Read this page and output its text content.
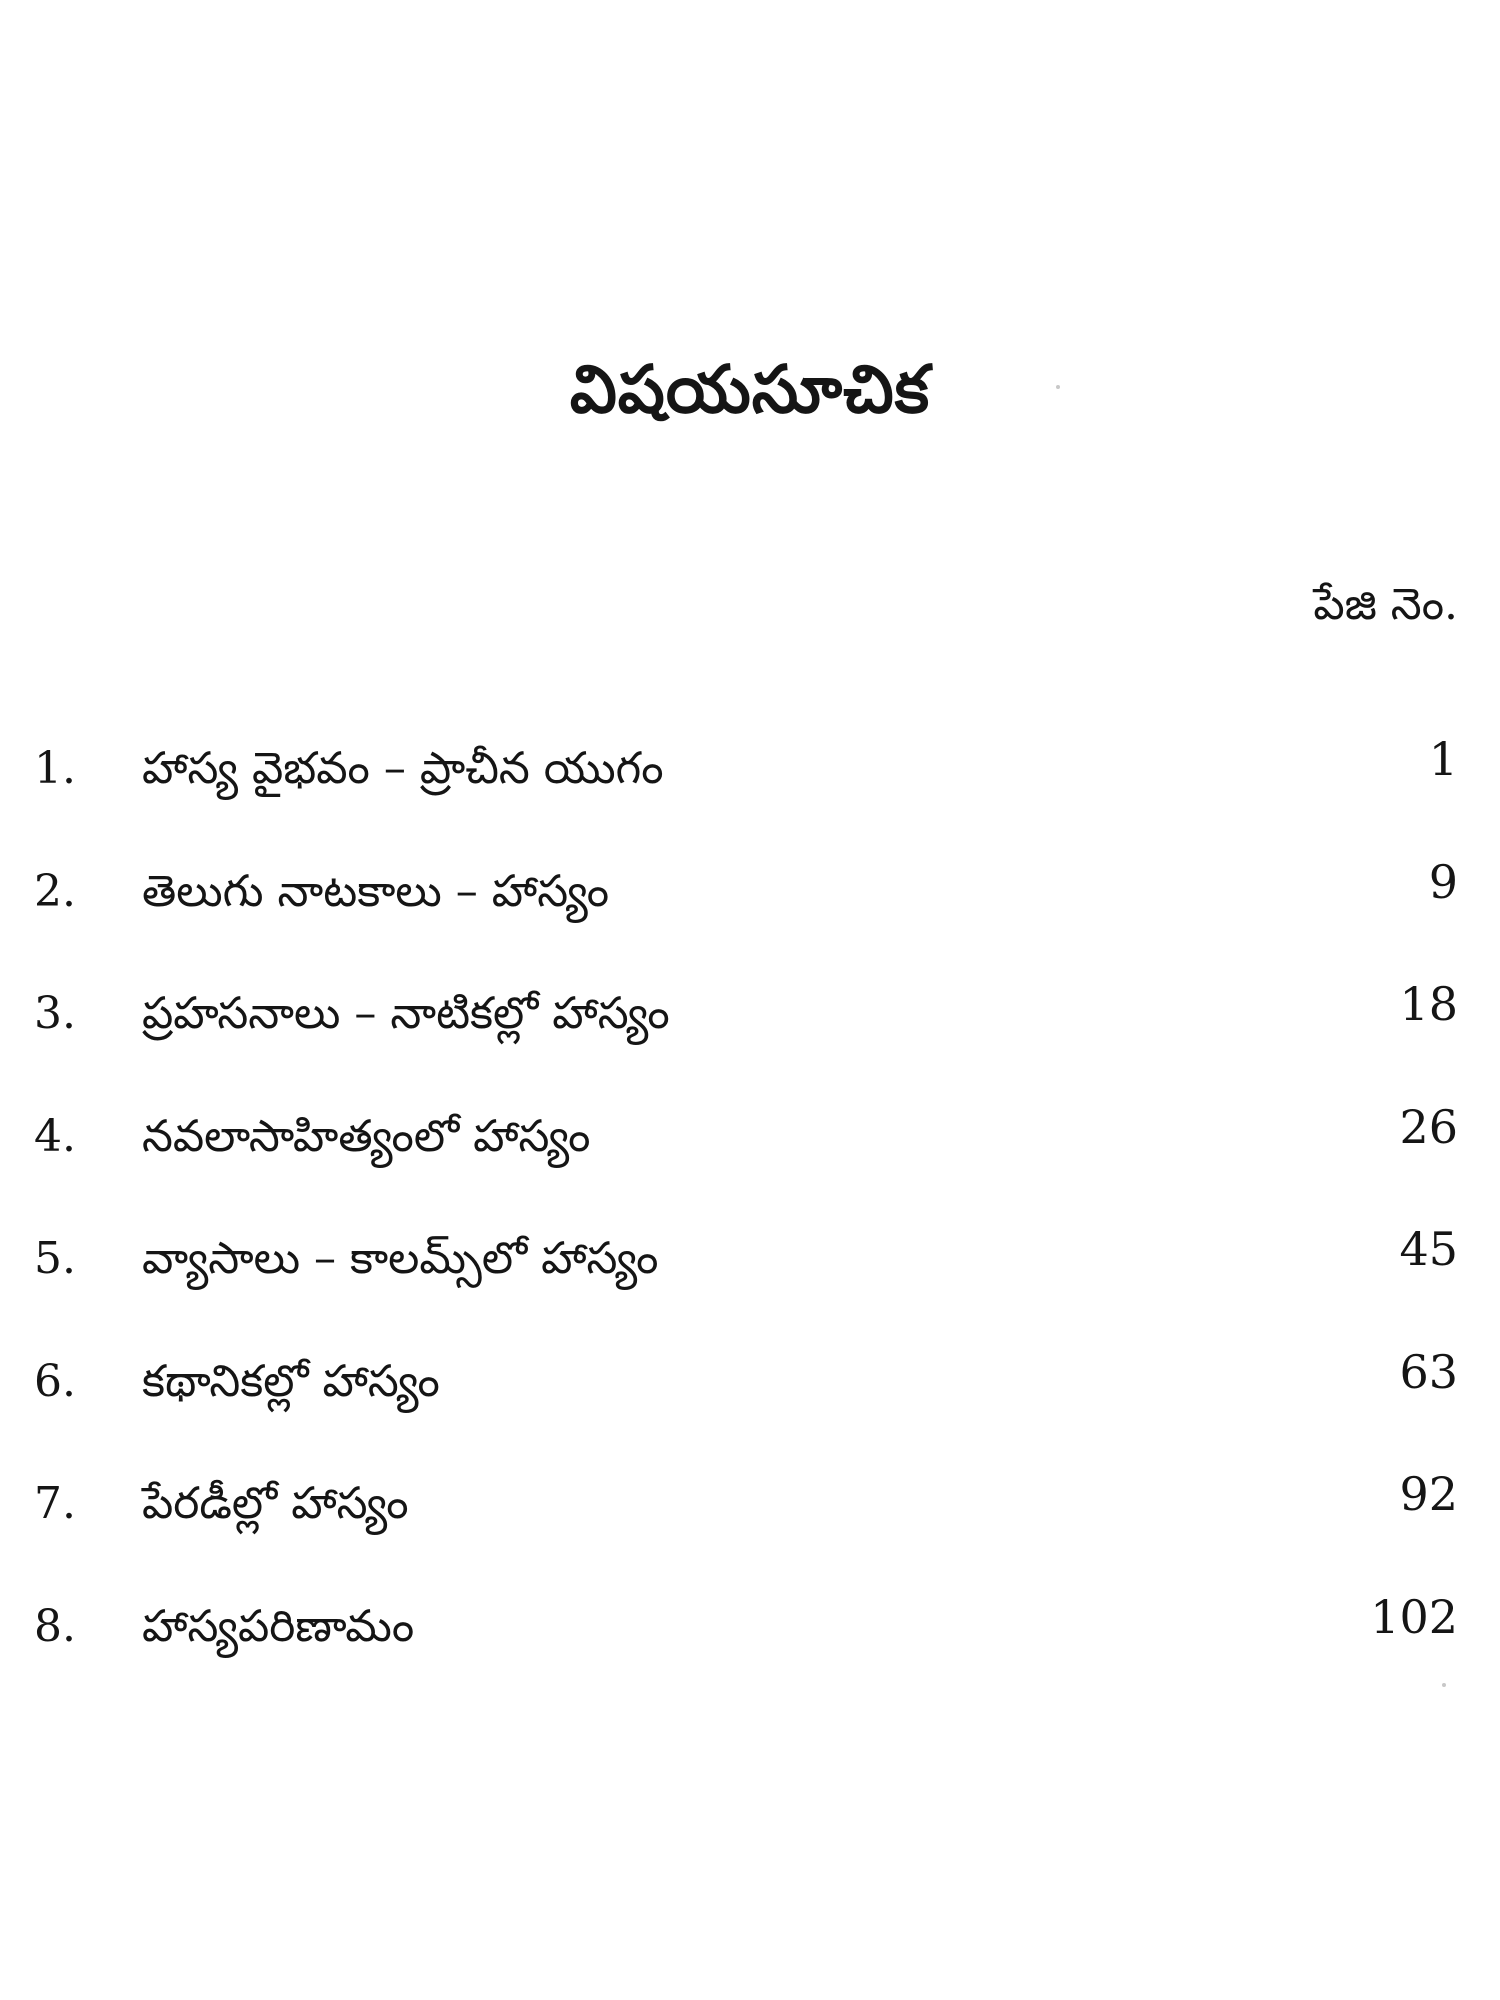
విషయసూచిక
పేజి నెం.
1. హాస్య వైభవం – ప్రాచీన యుగం	1
2. తెలుగు నాటకాలు – హాస్యం	9
3. ప్రహసనాలు – నాటికల్లో హాస్యం	18
4. నవలాసాహిత్యంలో హాస్యం	26
5. వ్యాసాలు – కాలమ్స్‌లో హాస్యం	45
6. కథానికల్లో హాస్యం	63
7. పేరడీల్లో హాస్యం	92
8. హాస్యపరిణామం	102
